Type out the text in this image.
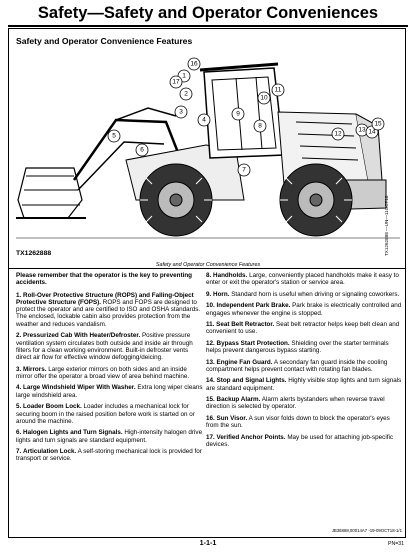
Safety—Safety and Operator Conveniences
Safety and Operator Convenience Features
1
2
3
4
5
6
7
8
9
10
11
12
13 14
15
16
17
TX1262888
Safety and Operator Convenience Features
TX1262888 —UN—11OCT18
Please remember that the operator is the key to preventing accidents.
1. Roll-Over Protective Structure (ROPS) and Falling-Object Protective Structure (FOPS). ROPS and FOPS are designed to protect the operator and are certified to ISO and OSHA standards. The enclosed, lockable cabin also provides protection from the weather and reduces vandalism.
2. Pressurized Cab With Heater/Defroster. Positive pressure ventilation system circulates both outside and inside air through filters for a clean working environment. Built-in defroster vents direct air flow for effective window defogging/deicing.
3. Mirrors. Large exterior mirrors on both sides and an inside mirror offer the operator a broad view of area behind machine.
4. Large Windshield Wiper With Washer. Extra long wiper cleans large windshield area.
5. Loader Boom Lock. Loader includes a mechanical lock for securing boom in the raised position before work is started on or around the machine.
6. Halogen Lights and Turn Signals. High-intensity halogen drive lights and turn signals are standard equipment.
7. Articulation Lock. A self-storing mechanical lock is provided for transport or service.
8. Handholds. Large, conveniently placed handholds make it easy to enter or exit the operator's station or service area.
9. Horn. Standard horn is useful when driving or signaling coworkers.
10. Independent Park Brake. Park brake is electrically controlled and engages whenever the engine is stopped.
11. Seat Belt Retractor. Seat belt retractor helps keep belt clean and convenient to use.
12. Bypass Start Protection. Shielding over the starter terminals helps prevent dangerous bypass starting.
13. Engine Fan Guard. A secondary fan guard inside the cooling compartment helps prevent contact with rotating fan blades.
14. Stop and Signal Lights. Highly visible stop lights and turn signals are standard equipment.
15. Backup Alarm. Alarm alerts bystanders when reverse travel direction is selected by operator.
16. Sun Visor. A sun visor folds down to block the operator's eyes from the sun.
17. Verified Anchor Points. May be used for attaching job-specific devices.
JB36888,00014A7 -19-09OCT18-1/1
1-1-1	PN=31
